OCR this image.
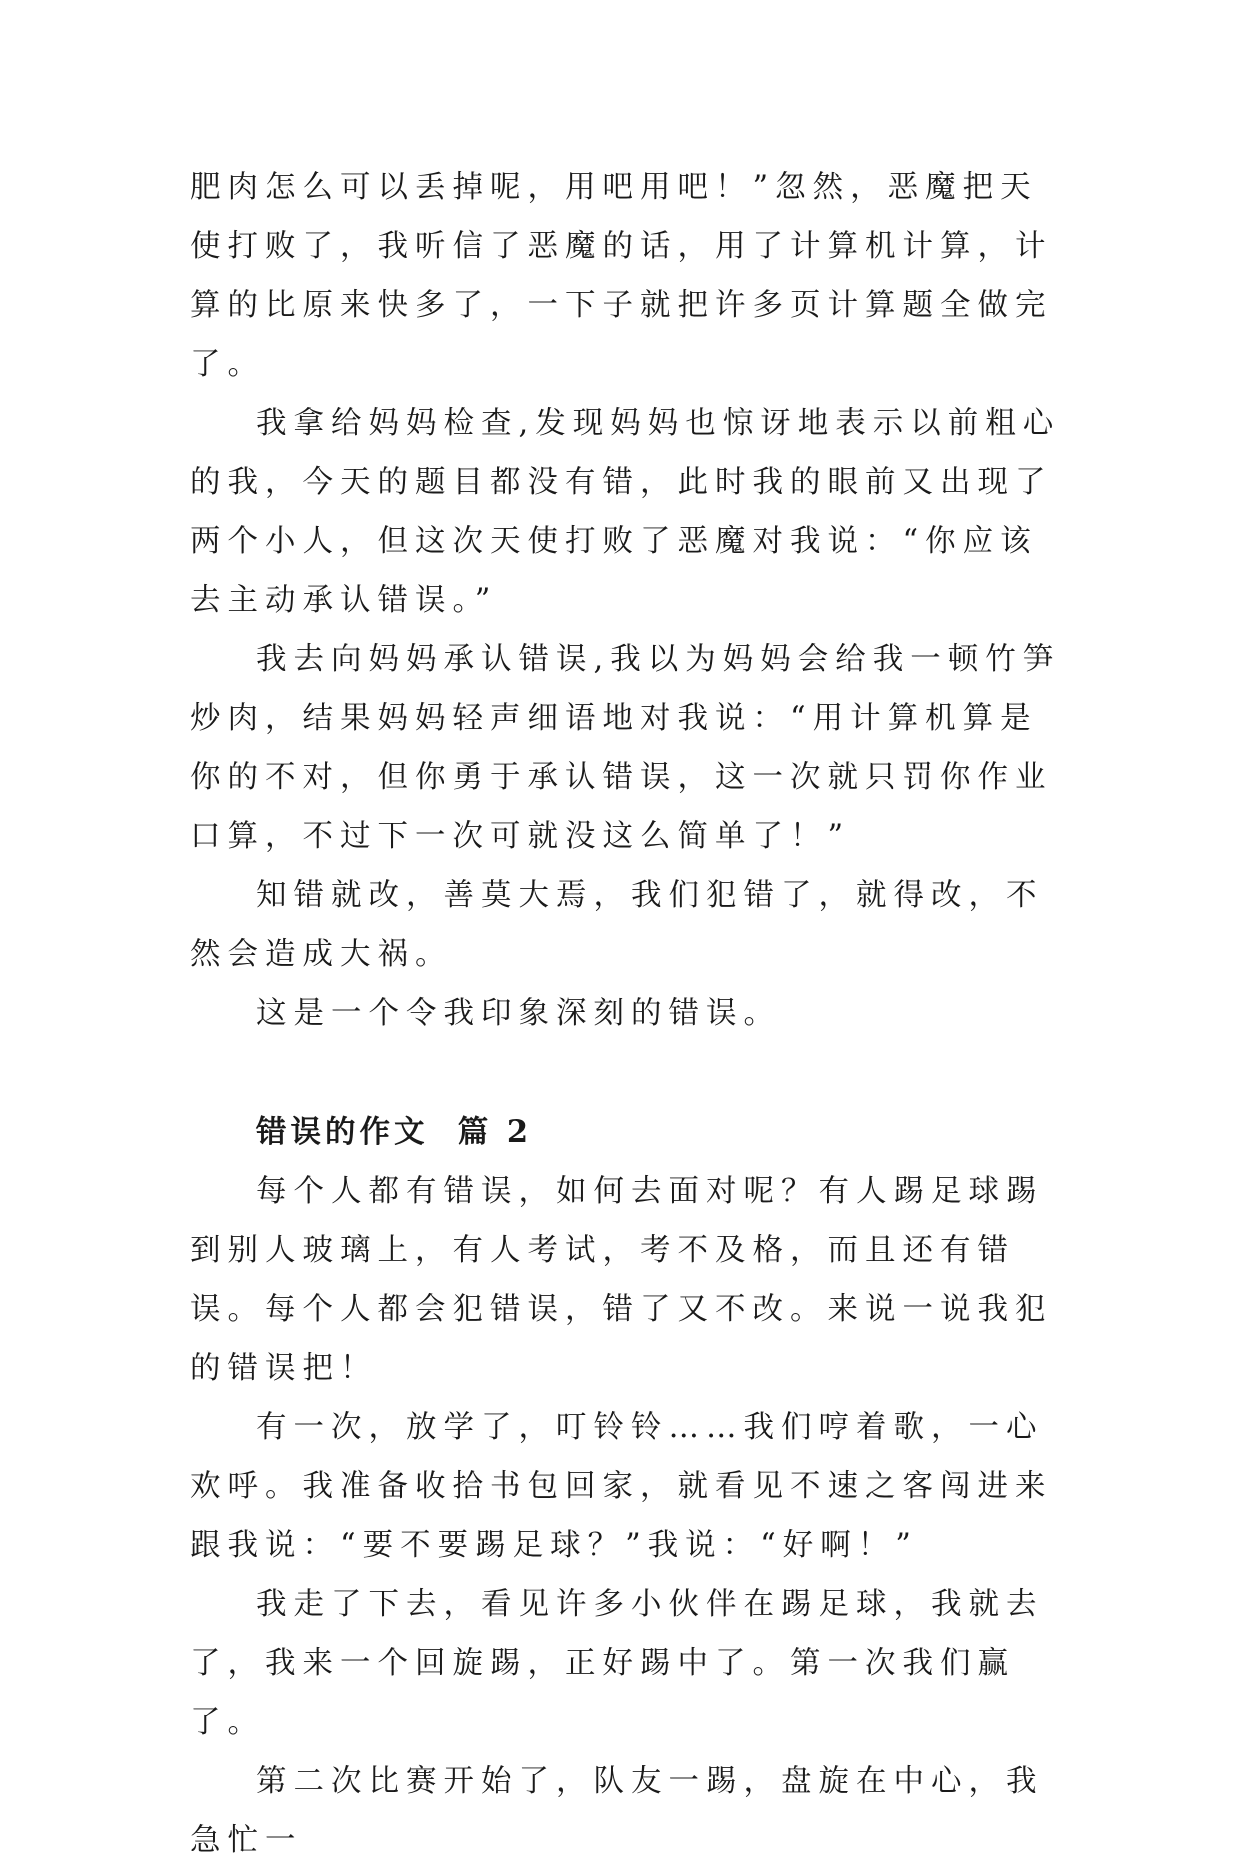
肥肉怎么可以丢掉呢，用吧用吧！”忽然，恶魔把天使打败了，我听信了恶魔的话，用了计算机计算，计算的比原来快多了，一下子就把许多页计算题全做完了。

我拿给妈妈检查,发现妈妈也惊讶地表示以前粗心的我，今天的题目都没有错，此时我的眼前又出现了两个小人，但这次天使打败了恶魔对我说：“你应该去主动承认错误。”

我去向妈妈承认错误,我以为妈妈会给我一顿竹笋炒肉，结果妈妈轻声细语地对我说：“用计算机算是你的不对，但你勇于承认错误，这一次就只罚你作业口算，不过下一次可就没这么简单了！”

知错就改，善莫大焉，我们犯错了，就得改，不然会造成大祸。

这是一个令我印象深刻的错误。

错误的作文  篇 2

每个人都有错误，如何去面对呢？有人踢足球踢到别人玻璃上，有人考试，考不及格，而且还有错误。每个人都会犯错误，错了又不改。来说一说我犯的错误把！

有一次，放学了，叮铃铃……我们哼着歌，一心欢呼。我准备收拾书包回家，就看见不速之客闯进来跟我说：“要不要踢足球？”我说：“好啊！”

我走了下去，看见许多小伙伴在踢足球，我就去了，我来一个回旋踢，正好踢中了。第一次我们赢了。

第二次比赛开始了，队友一踢，盘旋在中心，我急忙一
